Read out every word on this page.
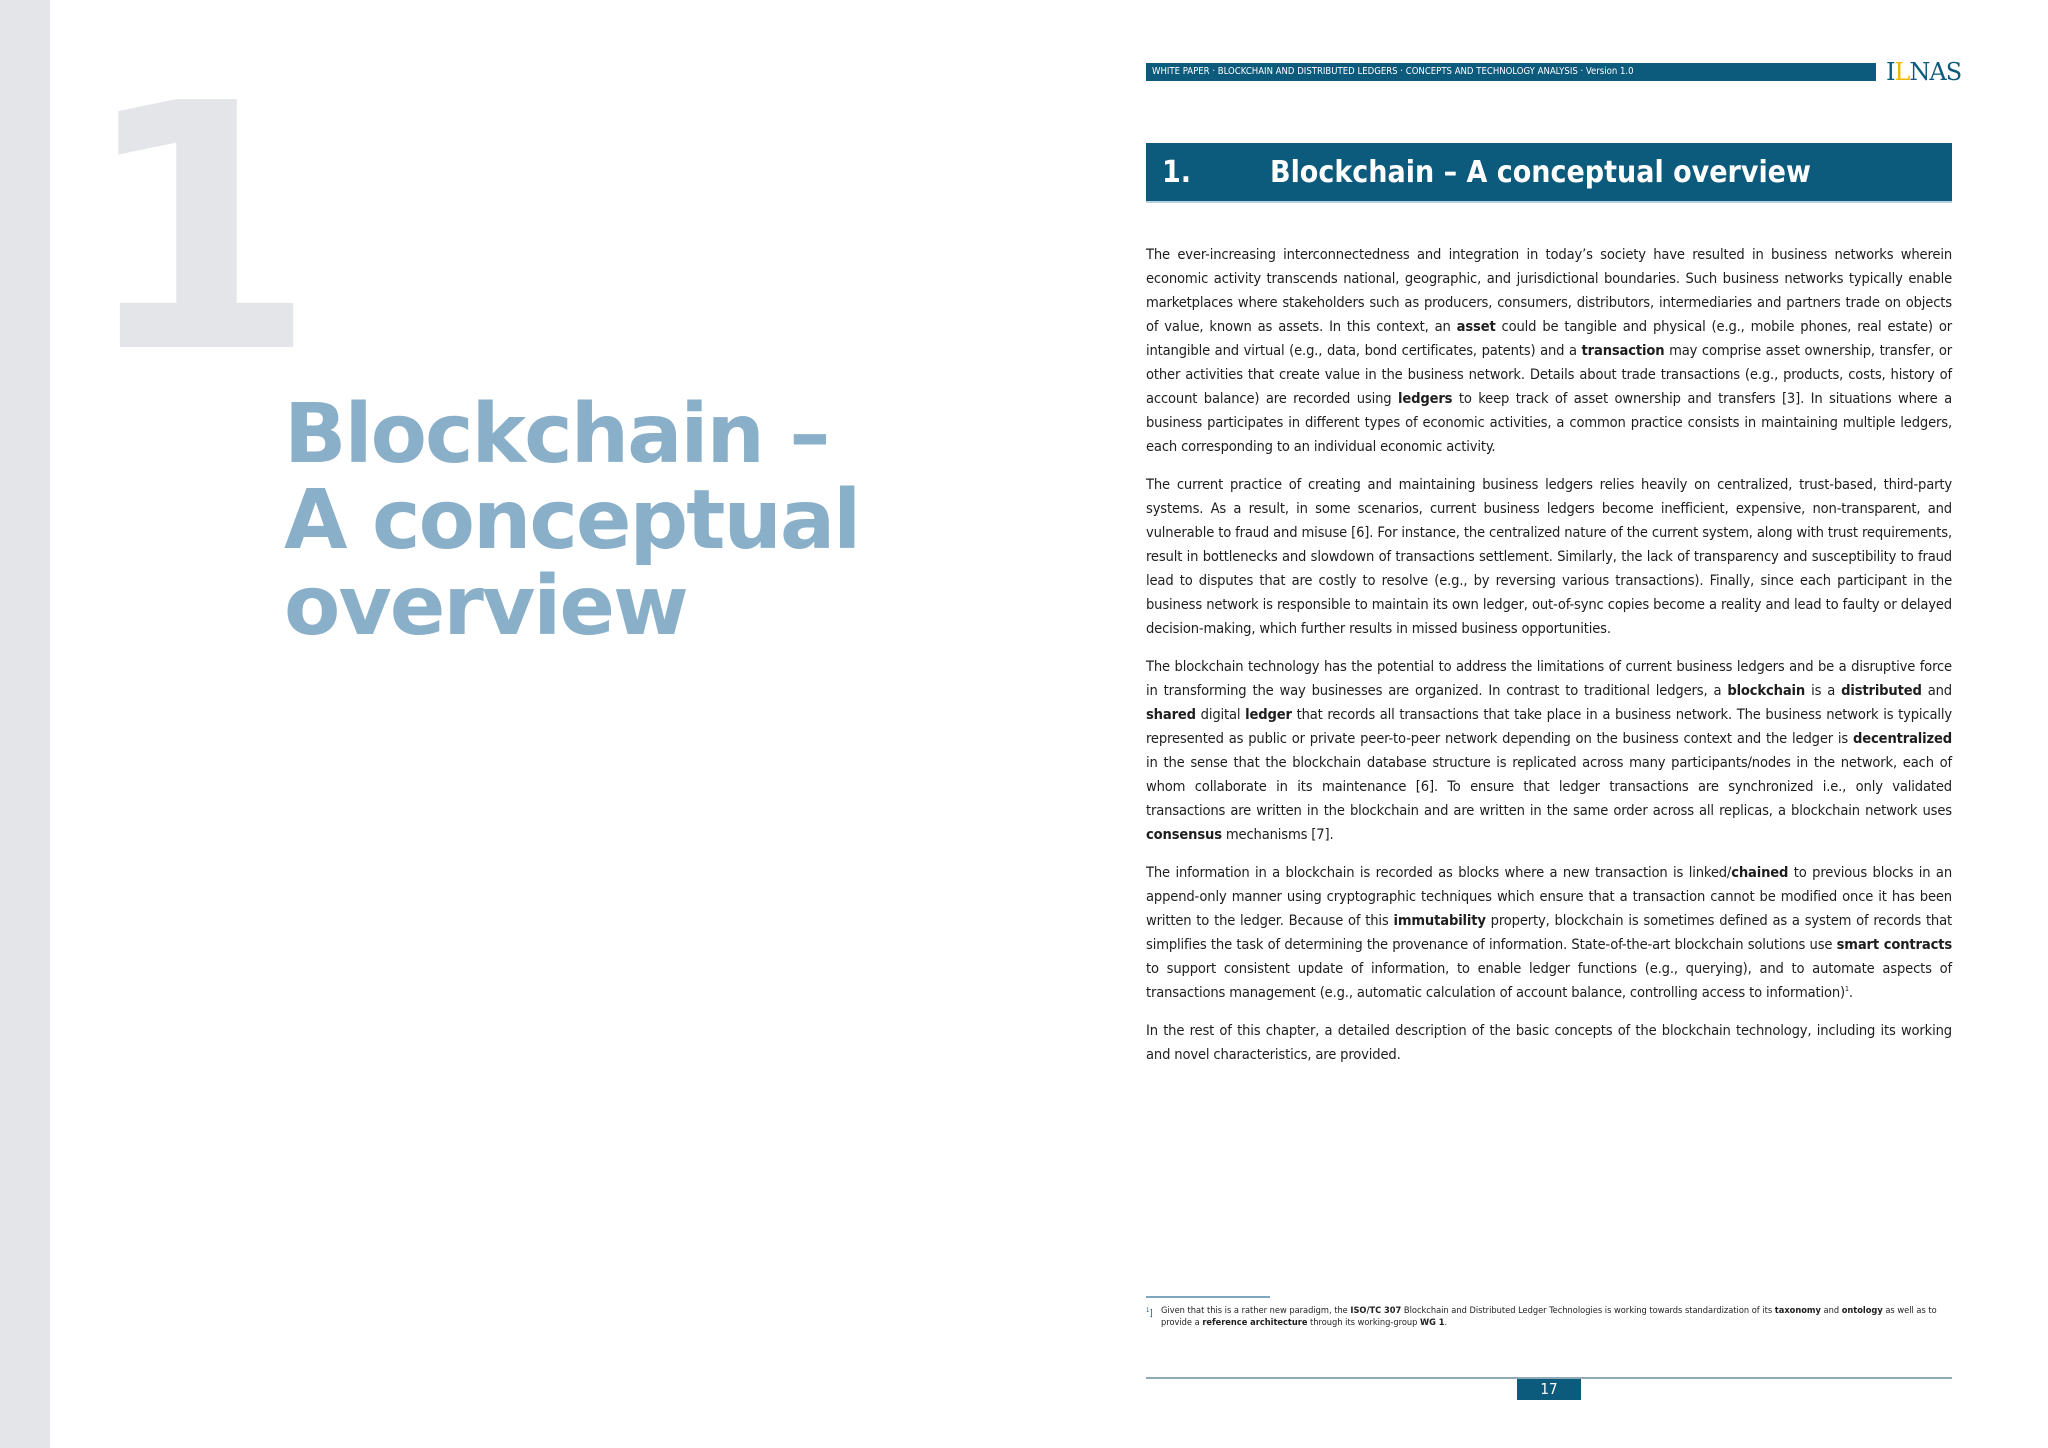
1
Blockchain –
A conceptual
overview
WHITE PAPER · BLOCKCHAIN AND DISTRIBUTED LEDGERS · CONCEPTS AND TECHNOLOGY ANALYSIS · Version 1.0	ILNAS
1.	Blockchain – A conceptual overview

The ever-increasing interconnectedness and integration in today’s society have resulted in business networks wherein economic activity transcends national, geographic, and jurisdictional boundaries. Such business networks typically enable marketplaces where stakeholders such as producers, consumers, distributors, intermediaries and partners trade on objects of value, known as assets. In this context, an asset could be tangible and physical (e.g., mobile phones, real estate) or intangible and virtual (e.g., data, bond certificates, patents) and a transaction may comprise asset ownership, transfer, or other activities that create value in the business network. Details about trade transactions (e.g., products, costs, history of account balance) are recorded using ledgers to keep track of asset ownership and transfers [3]. In situations where a business participates in different types of economic activities, a common practice consists in maintaining multiple ledgers, each corresponding to an individual economic activity.

The current practice of creating and maintaining business ledgers relies heavily on centralized, trust-based, third-party systems. As a result, in some scenarios, current business ledgers become inefficient, expensive, non-transparent, and vulnerable to fraud and misuse [6]. For instance, the centralized nature of the current system, along with trust requirements, result in bottlenecks and slowdown of transactions settlement. Similarly, the lack of transparency and susceptibility to fraud lead to disputes that are costly to resolve (e.g., by reversing various transactions). Finally, since each participant in the business network is responsible to maintain its own ledger, out-of-sync copies become a reality and lead to faulty or delayed decision-making, which further results in missed business opportunities.

The blockchain technology has the potential to address the limitations of current business ledgers and be a disruptive force in transforming the way businesses are organized. In contrast to traditional ledgers, a blockchain is a distributed and shared digital ledger that records all transactions that take place in a business network. The business network is typically represented as public or private peer-to-peer network depending on the business context and the ledger is decentralized in the sense that the blockchain database structure is replicated across many participants/nodes in the network, each of whom collaborate in its maintenance [6]. To ensure that ledger transactions are synchronized i.e., only validated transactions are written in the blockchain and are written in the same order across all replicas, a blockchain network uses consensus mechanisms [7].

The information in a blockchain is recorded as blocks where a new transaction is linked/chained to previous blocks in an append-only manner using cryptographic techniques which ensure that a transaction cannot be modified once it has been written to the ledger. Because of this immutability property, blockchain is sometimes defined as a system of records that simplifies the task of determining the provenance of information. State-of-the-art blockchain solutions use smart contracts to support consistent update of information, to enable ledger functions (e.g., querying), and to automate aspects of transactions management (e.g., automatic calculation of account balance, controlling access to information)$^1$.

In the rest of this chapter, a detailed description of the basic concepts of the blockchain technology, including its working and novel characteristics, are provided.

$^1$] Given that this is a rather new paradigm, the ISO/TC 307 Blockchain and Distributed Ledger Technologies is working towards standardization of its taxonomy and ontology as well as to provide a reference architecture through its working-group WG 1.
17
